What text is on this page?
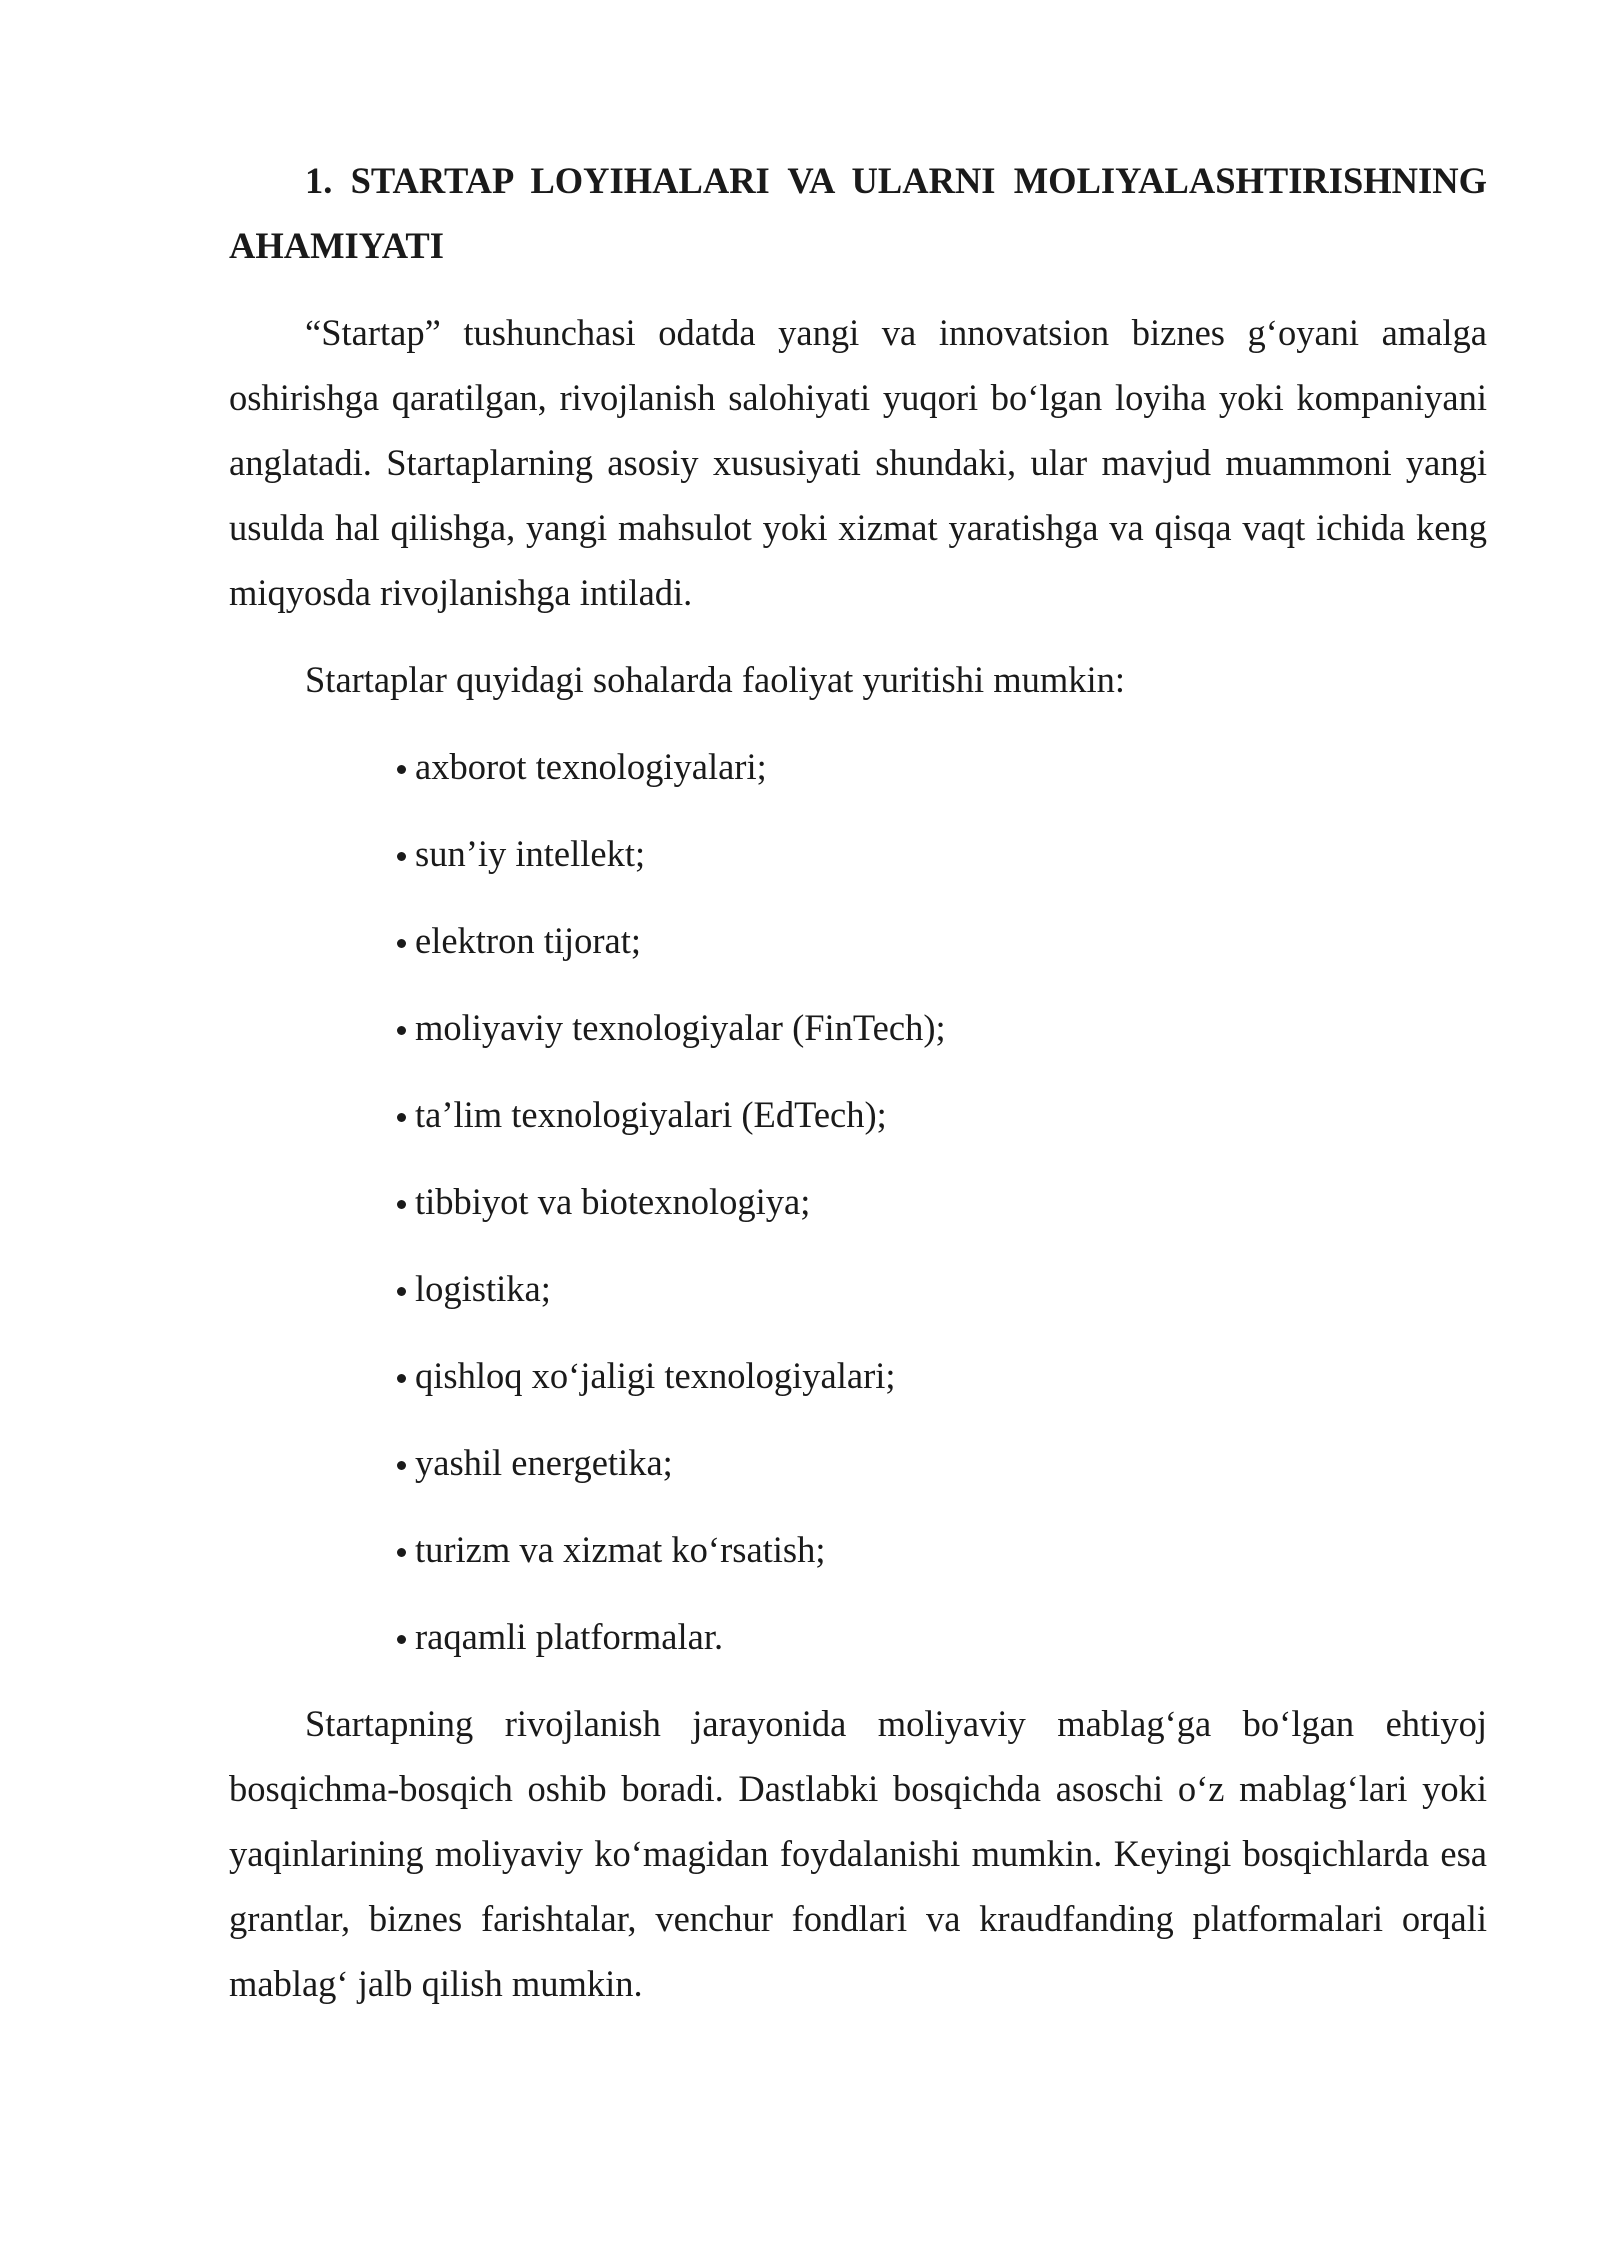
1. STARTAP LOYIHALARI VA ULARNI MOLIYALASHTIRISHNING AHAMIYATI

“Startap” tushunchasi odatda yangi va innovatsion biznes g‘oyani amalga oshirishga qaratilgan, rivojlanish salohiyati yuqori bo‘lgan loyiha yoki kompaniyani anglatadi. Startaplarning asosiy xususiyati shundaki, ular mavjud muammoni yangi usulda hal qilishga, yangi mahsulot yoki xizmat yaratishga va qisqa vaqt ichida keng miqyosda rivojlanishga intiladi.

Startaplar quyidagi sohalarda faoliyat yuritishi mumkin:

axborot texnologiyalari;
sun’iy intellekt;
elektron tijorat;
moliyaviy texnologiyalar (FinTech);
ta’lim texnologiyalari (EdTech);
tibbiyot va biotexnologiya;
logistika;
qishloq xo‘jaligi texnologiyalari;
yashil energetika;
turizm va xizmat ko‘rsatish;
raqamli platformalar.

Startapning rivojlanish jarayonida moliyaviy mablag‘ga bo‘lgan ehtiyoj bosqichma-bosqich oshib boradi. Dastlabki bosqichda asoschi o‘z mablag‘lari yoki yaqinlarining moliyaviy ko‘magidan foydalanishi mumkin. Keyingi bosqichlarda esa grantlar, biznes farishtalar, venchur fondlari va kraudfanding platformalari orqali mablag‘ jalb qilish mumkin.
